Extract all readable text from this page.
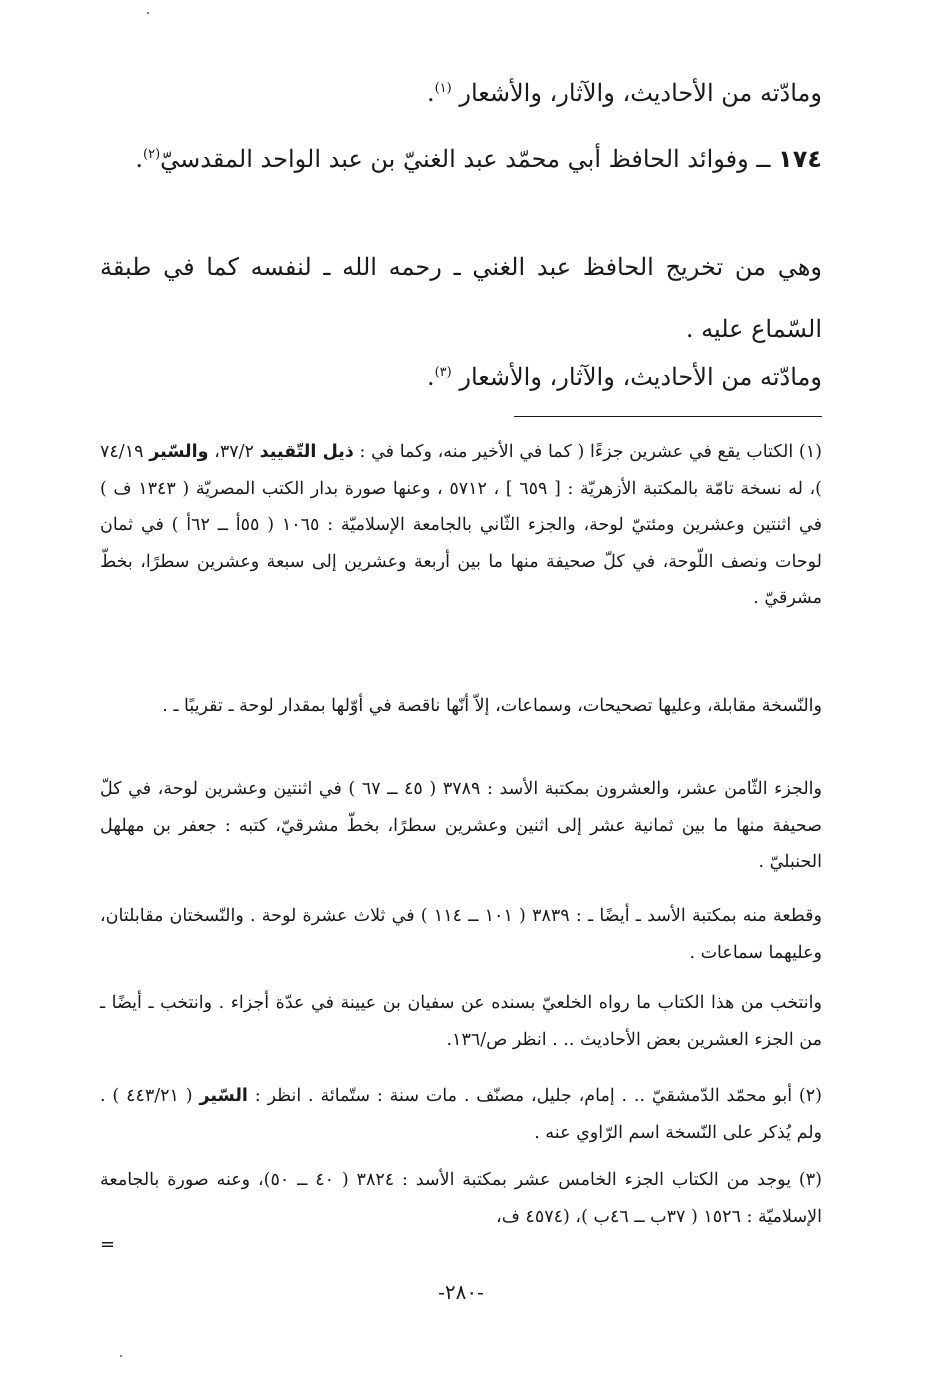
ومادّته من الأحاديث، والآثار، والأشعار $^{(١)}$.

١٧٤ ــ وفوائد الحافظ أبي محمّد عبد الغنيّ بن عبد الواحد المقدسيّ$^{(٢)}$.

وهي من تخريج الحافظ عبد الغني ـ رحمه الله ـ لنفسه كما في طبقة السّماع عليه .

ومادّته من الأحاديث، والآثار، والأشعار $^{(٣)}$.

(١) الكتاب يقع في عشرين جزءًا ( كما في الأخير منه، وكما في : ذيل التّقييد ٣٧/٢، والسّير ٧٤/١٩ )، له نسخة تامّة بالمكتبة الأزهريّة : [ ٦٥٩ ] ، ٥٧١٢ ، وعنها صورة بدار الكتب المصريّة ( ١٣٤٣ ف ) في اثنتين وعشرين ومئتيّ لوحة، والجزء الثّاني بالجامعة الإسلاميّة : ١٠٦٥ ( ٥٥أ ــ ٦٢أ ) في ثمان لوحات ونصف اللّوحة، في كلّ صحيفة منها ما بين أربعة وعشرين إلى سبعة وعشرين سطرًا، بخطّ مشرقيّ .

والنّسخة مقابلة، وعليها تصحيحات، وسماعات، إلاّ أنّها ناقصة في أوّلها بمقدار لوحة ـ تقريبًا ـ .

والجزء الثّامن عشر، والعشرون بمكتبة الأسد : ٣٧٨٩ ( ٤٥ ــ ٦٧ ) في اثنتين وعشرين لوحة، في كلّ صحيفة منها ما بين ثمانية عشر إلى اثنين وعشرين سطرًا، بخطّ مشرقيّ، كتبه : جعفر بن مهلهل الحنبليّ .

وقطعة منه بمكتبة الأسد ـ أيضًا ـ : ٣٨٣٩ ( ١٠١ ــ ١١٤ ) في ثلاث عشرة لوحة . والنّسختان مقابلتان، وعليهما سماعات .

وانتخب من هذا الكتاب ما رواه الخلعيّ بسنده عن سفيان بن عيينة في عدّة أجزاء . وانتخب ـ أيضًا ـ من الجزء العشرين بعض الأحاديث .. . انظر ص/١٣٦.

(٢) أبو محمّد الدّمشقيّ .. . إمام، جليل، مصنّف . مات سنة : ستّمائة . انظر : السّير ( ٤٤٣/٢١ ) . ولم يُذكر على النّسخة اسم الرّاوي عنه .

(٣) يوجد من الكتاب الجزء الخامس عشر بمكتبة الأسد : ٣٨٢٤ ( ٤٠ ــ ٥٠)، وعنه صورة بالجامعة الإسلاميّة : ١٥٢٦ ( ٣٧ب ــ ٤٦ب )، (٤٥٧٤ ف،

=
-٢٨٠-
